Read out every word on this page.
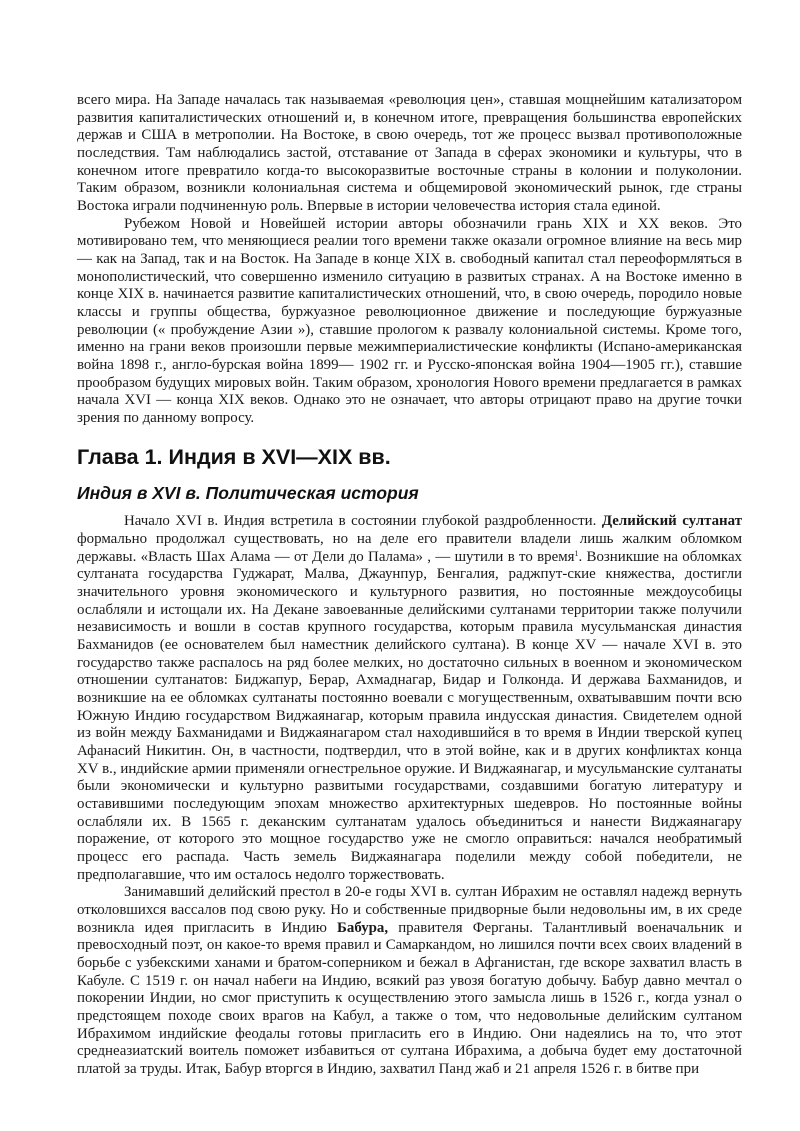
всего мира. На Западе началась так называемая «революция цен», ставшая мощнейшим катализатором развития капиталистических отношений и, в конечном итоге, превращения большинства европейских держав и США в метрополии. На Востоке, в свою очередь, тот же процесс вызвал противоположные последствия. Там наблюдались застой, отставание от Запада в сферах экономики и культуры, что в конечном итоге превратило когда-то высокоразвитые восточные страны в колонии и полуколонии. Таким образом, возникли колониальная система и общемировой экономический рынок, где страны Востока играли подчиненную роль. Впервые в истории человечества история стала единой.

Рубежом Новой и Новейшей истории авторы обозначили грань XIX и XX веков. Это мотивировано тем, что меняющиеся реалии того времени также оказали огромное влияние на весь мир — как на Запад, так и на Восток. На Западе в конце XIX в. свободный капитал стал переоформляться в монополистический, что совершенно изменило ситуацию в развитых странах. А на Востоке именно в конце XIX в. начинается развитие капиталистических отношений, что, в свою очередь, породило новые классы и группы общества, буржуазное революционное движение и последующие буржуазные революции (« пробуждение Азии »), ставшие прологом к развалу колониальной системы. Кроме того, именно на грани веков произошли первые межимпериалистические конфликты (Испано-американская война 1898 г., англо-бурская война 1899— 1902 гг. и Русско-японская война 1904—1905 гг.), ставшие прообразом будущих мировых войн. Таким образом, хронология Нового времени предлагается в рамках начала XVI — конца XIX веков. Однако это не означает, что авторы отрицают право на другие точки зрения по данному вопросу.

Глава 1. Индия в XVI—XIX вв.
Индия в XVI в. Политическая история

Начало XVI в. Индия встретила в состоянии глубокой раздробленности. Делийский султанат формально продолжал существовать, но на деле его правители владели лишь жалким обломком державы. «Власть Шах Алама — от Дели до Палама» , — шутили в то время$^1$. Возникшие на обломках султаната государства Гуджарат, Малва, Джаунпур, Бенгалия, раджпут-ские княжества, достигли значительного уровня экономического и культурного развития, но постоянные междоусобицы ослабляли и истощали их. На Декане завоеванные делийскими султанами территории также получили независимость и вошли в состав крупного государства, которым правила мусульманская династия Бахманидов (ее основателем был наместник делийского султана). В конце XV — начале XVI в. это государство также распалось на ряд более мелких, но достаточно сильных в военном и экономическом отношении султанатов: Биджапур, Берар, Ахмаднагар, Бидар и Голконда. И держава Бахманидов, и возникшие на ее обломках султанаты постоянно воевали с могущественным, охватывавшим почти всю Южную Индию государством Виджаянагар, которым правила индусская династия. Свидетелем одной из войн между Бахманидами и Виджаянагаром стал находившийся в то время в Индии тверской купец Афанасий Никитин. Он, в частности, подтвердил, что в этой войне, как и в других конфликтах конца XV в., индийские армии применяли огнестрельное оружие. И Виджаянагар, и мусульманские султанаты были экономически и культурно развитыми государствами, создавшими богатую литературу и оставившими последующим эпохам множество архитектурных шедевров. Но постоянные войны ослабляли их. В 1565 г. деканским султанатам удалось объединиться и нанести Виджаянагару поражение, от которого это мощное государство уже не смогло оправиться: начался необратимый процесс его распада. Часть земель Виджаянагара поделили между собой победители, не предполагавшие, что им осталось недолго торжествовать.

Занимавший делийский престол в 20-е годы XVI в. султан Ибрахим не оставлял надежд вернуть отколовшихся вассалов под свою руку. Но и собственные придворные были недовольны им, в их среде возникла идея пригласить в Индию Бабура, правителя Ферганы. Талантливый военачальник и превосходный поэт, он какое-то время правил и Самаркандом, но лишился почти всех своих владений в борьбе с узбекскими ханами и братом-соперником и бежал в Афганистан, где вскоре захватил власть в Кабуле. С 1519 г. он начал набеги на Индию, всякий раз увозя богатую добычу. Бабур давно мечтал о покорении Индии, но смог приступить к осуществлению этого замысла лишь в 1526 г., когда узнал о предстоящем походе своих врагов на Кабул, а также о том, что недовольные делийским султаном Ибрахимом индийские феодалы готовы пригласить его в Индию. Они надеялись на то, что этот среднеазиатский воитель поможет избавиться от султана Ибрахима, а добыча будет ему достаточной платой за труды. Итак, Бабур вторгся в Индию, захватил Панд жаб и 21 апреля 1526 г. в битве при
